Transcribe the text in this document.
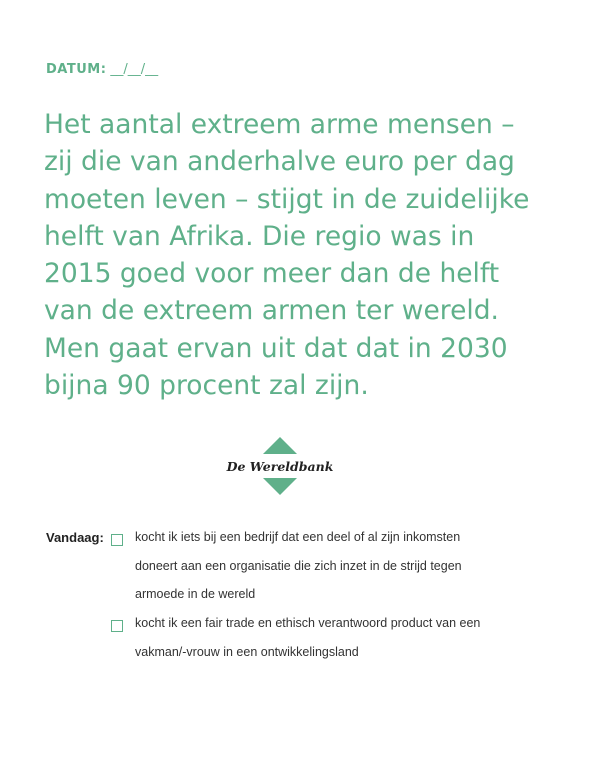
DATUM: __/__/__
Het aantal extreem arme mensen –
zij die van anderhalve euro per dag
moeten leven – stijgt in de zuidelijke
helft van Afrika. Die regio was in
2015 goed voor meer dan de helft
van de extreem armen ter wereld.
Men gaat ervan uit dat dat in 2030
bijna 90 procent zal zijn.
De Wereldbank
Vandaag: kocht ik iets bij een bedrijf dat een deel of al zijn inkomsten
doneert aan een organisatie die zich inzet in de strijd tegen
armoede in de wereld
kocht ik een fair trade en ethisch verantwoord product van een
vakman/-vrouw in een ontwikkelingsland
